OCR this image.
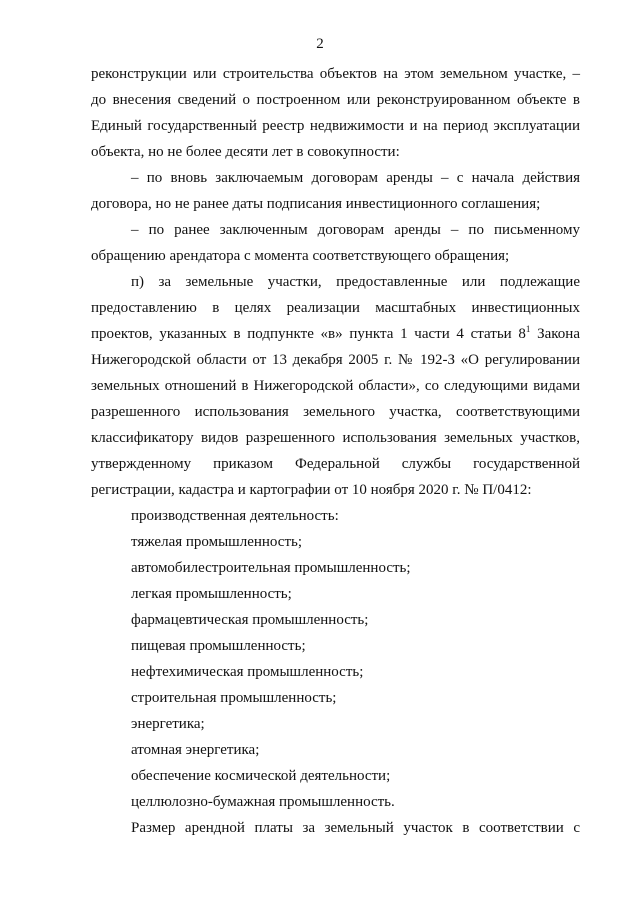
2
реконструкции или строительства объектов на этом земельном участке, –
до внесения сведений о построенном или реконструированном объекте в
Единый государственный реестр недвижимости и на период эксплуатации
объекта, но не более десяти лет в совокупности:
– по вновь заключаемым договорам аренды – с начала действия
договора, но не ранее даты подписания инвестиционного соглашения;
– по ранее заключенным договорам аренды – по письменному
обращению арендатора с момента соответствующего обращения;
п) за земельные участки, предоставленные или подлежащие
предоставлению в целях реализации масштабных инвестиционных
проектов, указанных в подпункте «в» пункта 1 части 4 статьи $8^1$ Закона
Нижегородской области от 13 декабря 2005 г. № 192-З «О регулировании
земельных отношений в Нижегородской области», со следующими видами
разрешенного использования земельного участка, соответствующими
классификатору видов разрешенного использования земельных участков,
утвержденному приказом Федеральной службы государственной
регистрации, кадастра и картографии от 10 ноября 2020 г. № П/0412:
производственная деятельность:
тяжелая промышленность;
автомобилестроительная промышленность;
легкая промышленность;
фармацевтическая промышленность;
пищевая промышленность;
нефтехимическая промышленность;
строительная промышленность;
энергетика;
атомная энергетика;
обеспечение космической деятельности;
целлюлозно-бумажная промышленность.
Размер арендной платы за земельный участок в соответствии с
